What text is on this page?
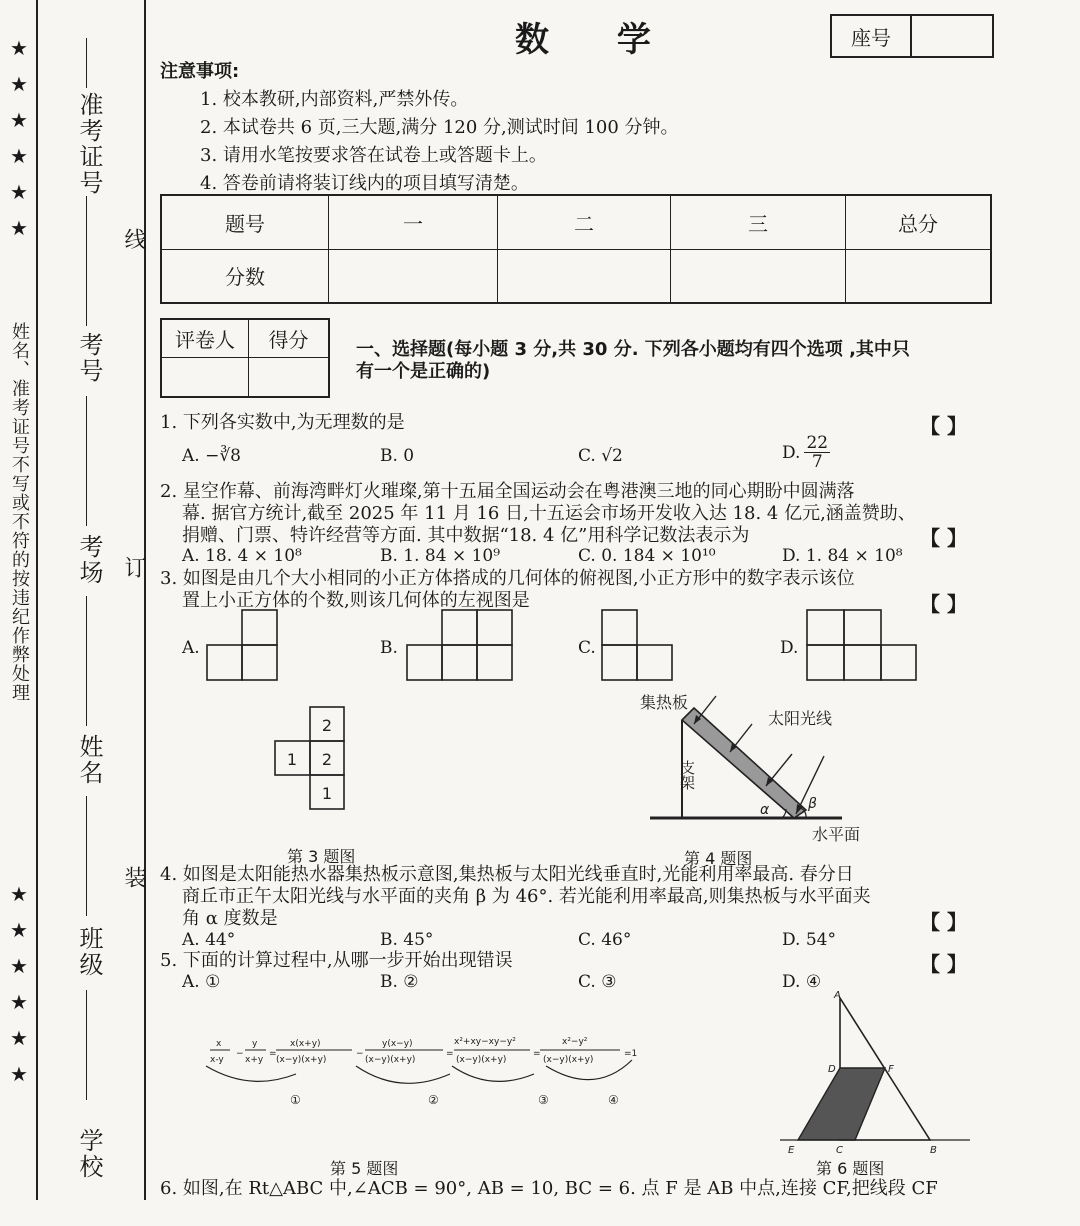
★
★
★
★
★
★
姓名、准考证号不写或不符的按违纪作弊处理
★
★
★
★
★
★
准考证号
考号
考场
姓名
班级
学校
线
订
装
数 学	座号
注意事项:
1. 校本教研,内部资料,严禁外传。
2. 本试卷共 6 页,三大题,满分 120 分,测试时间 100 分钟。
3. 请用水笔按要求答在试卷上或答题卡上。
4. 答卷前请将装订线内的项目填写清楚。
题号	一	二	三	总分
分数				
评卷人	得分
		一、选择题(每小题 3 分,共 30 分. 下列各小题均有四个选项 ,其中只
有一个是正确的)
1. 下列各实数中,为无理数的是	【 】
A. −∛8	B. 0	C. √2	D. $\frac{22}{7}$
2. 星空作幕、前海湾畔灯火璀璨,第十五届全国运动会在粤港澳三地的同心期盼中圆满落
幕. 据官方统计,截至 2025 年 11 月 16 日,十五运会市场开发收入达 18. 4 亿元,涵盖赞助、
捐赠、门票、特许经营等方面. 其中数据“18. 4 亿”用科学记数法表示为	【 】
A. 18. 4 × 10⁸	B. 1. 84 × 10⁹	C. 0. 184 × 10¹⁰	D. 1. 84 × 10⁸
3. 如图是由几个大小相同的小正方体搭成的几何体的俯视图,小正方形中的数字表示该位
置上小正方体的个数,则该几何体的左视图是	【 】
A.	B.	C.	D.
2
1 2
1
第 3 题图
集热板
太阳光线
支架
α	β
水平面
第 4 题图
4. 如图是太阳能热水器集热板示意图,集热板与太阳光线垂直时,光能利用率最高. 春分日
商丘市正午太阳光线与水平面的夹角 β 为 46°. 若光能利用率最高,则集热板与水平面夹
角 α 度数是	【 】
A. 44°	B. 45°	C. 46°	D. 54°
5. 下面的计算过程中,从哪一步开始出现错误	【 】
A. ①	B. ②	C. ③	D. ④
x
x-y
−
y
x+y
=
x(x+y)
(x−y)(x+y)
−
y(x−y)
(x−y)(x+y)
=
x²+xy−xy−y²
(x−y)(x+y)
=
x²−y²
(x−y)(x+y)
=1
①	②	③	④
第 5 题图
A
D	F
E	C	B
第 6 题图
6. 如图,在 Rt△ABC 中,∠ACB = 90°, AB = 10, BC = 6. 点 F 是 AB 中点,连接 CF,把线段 CF
